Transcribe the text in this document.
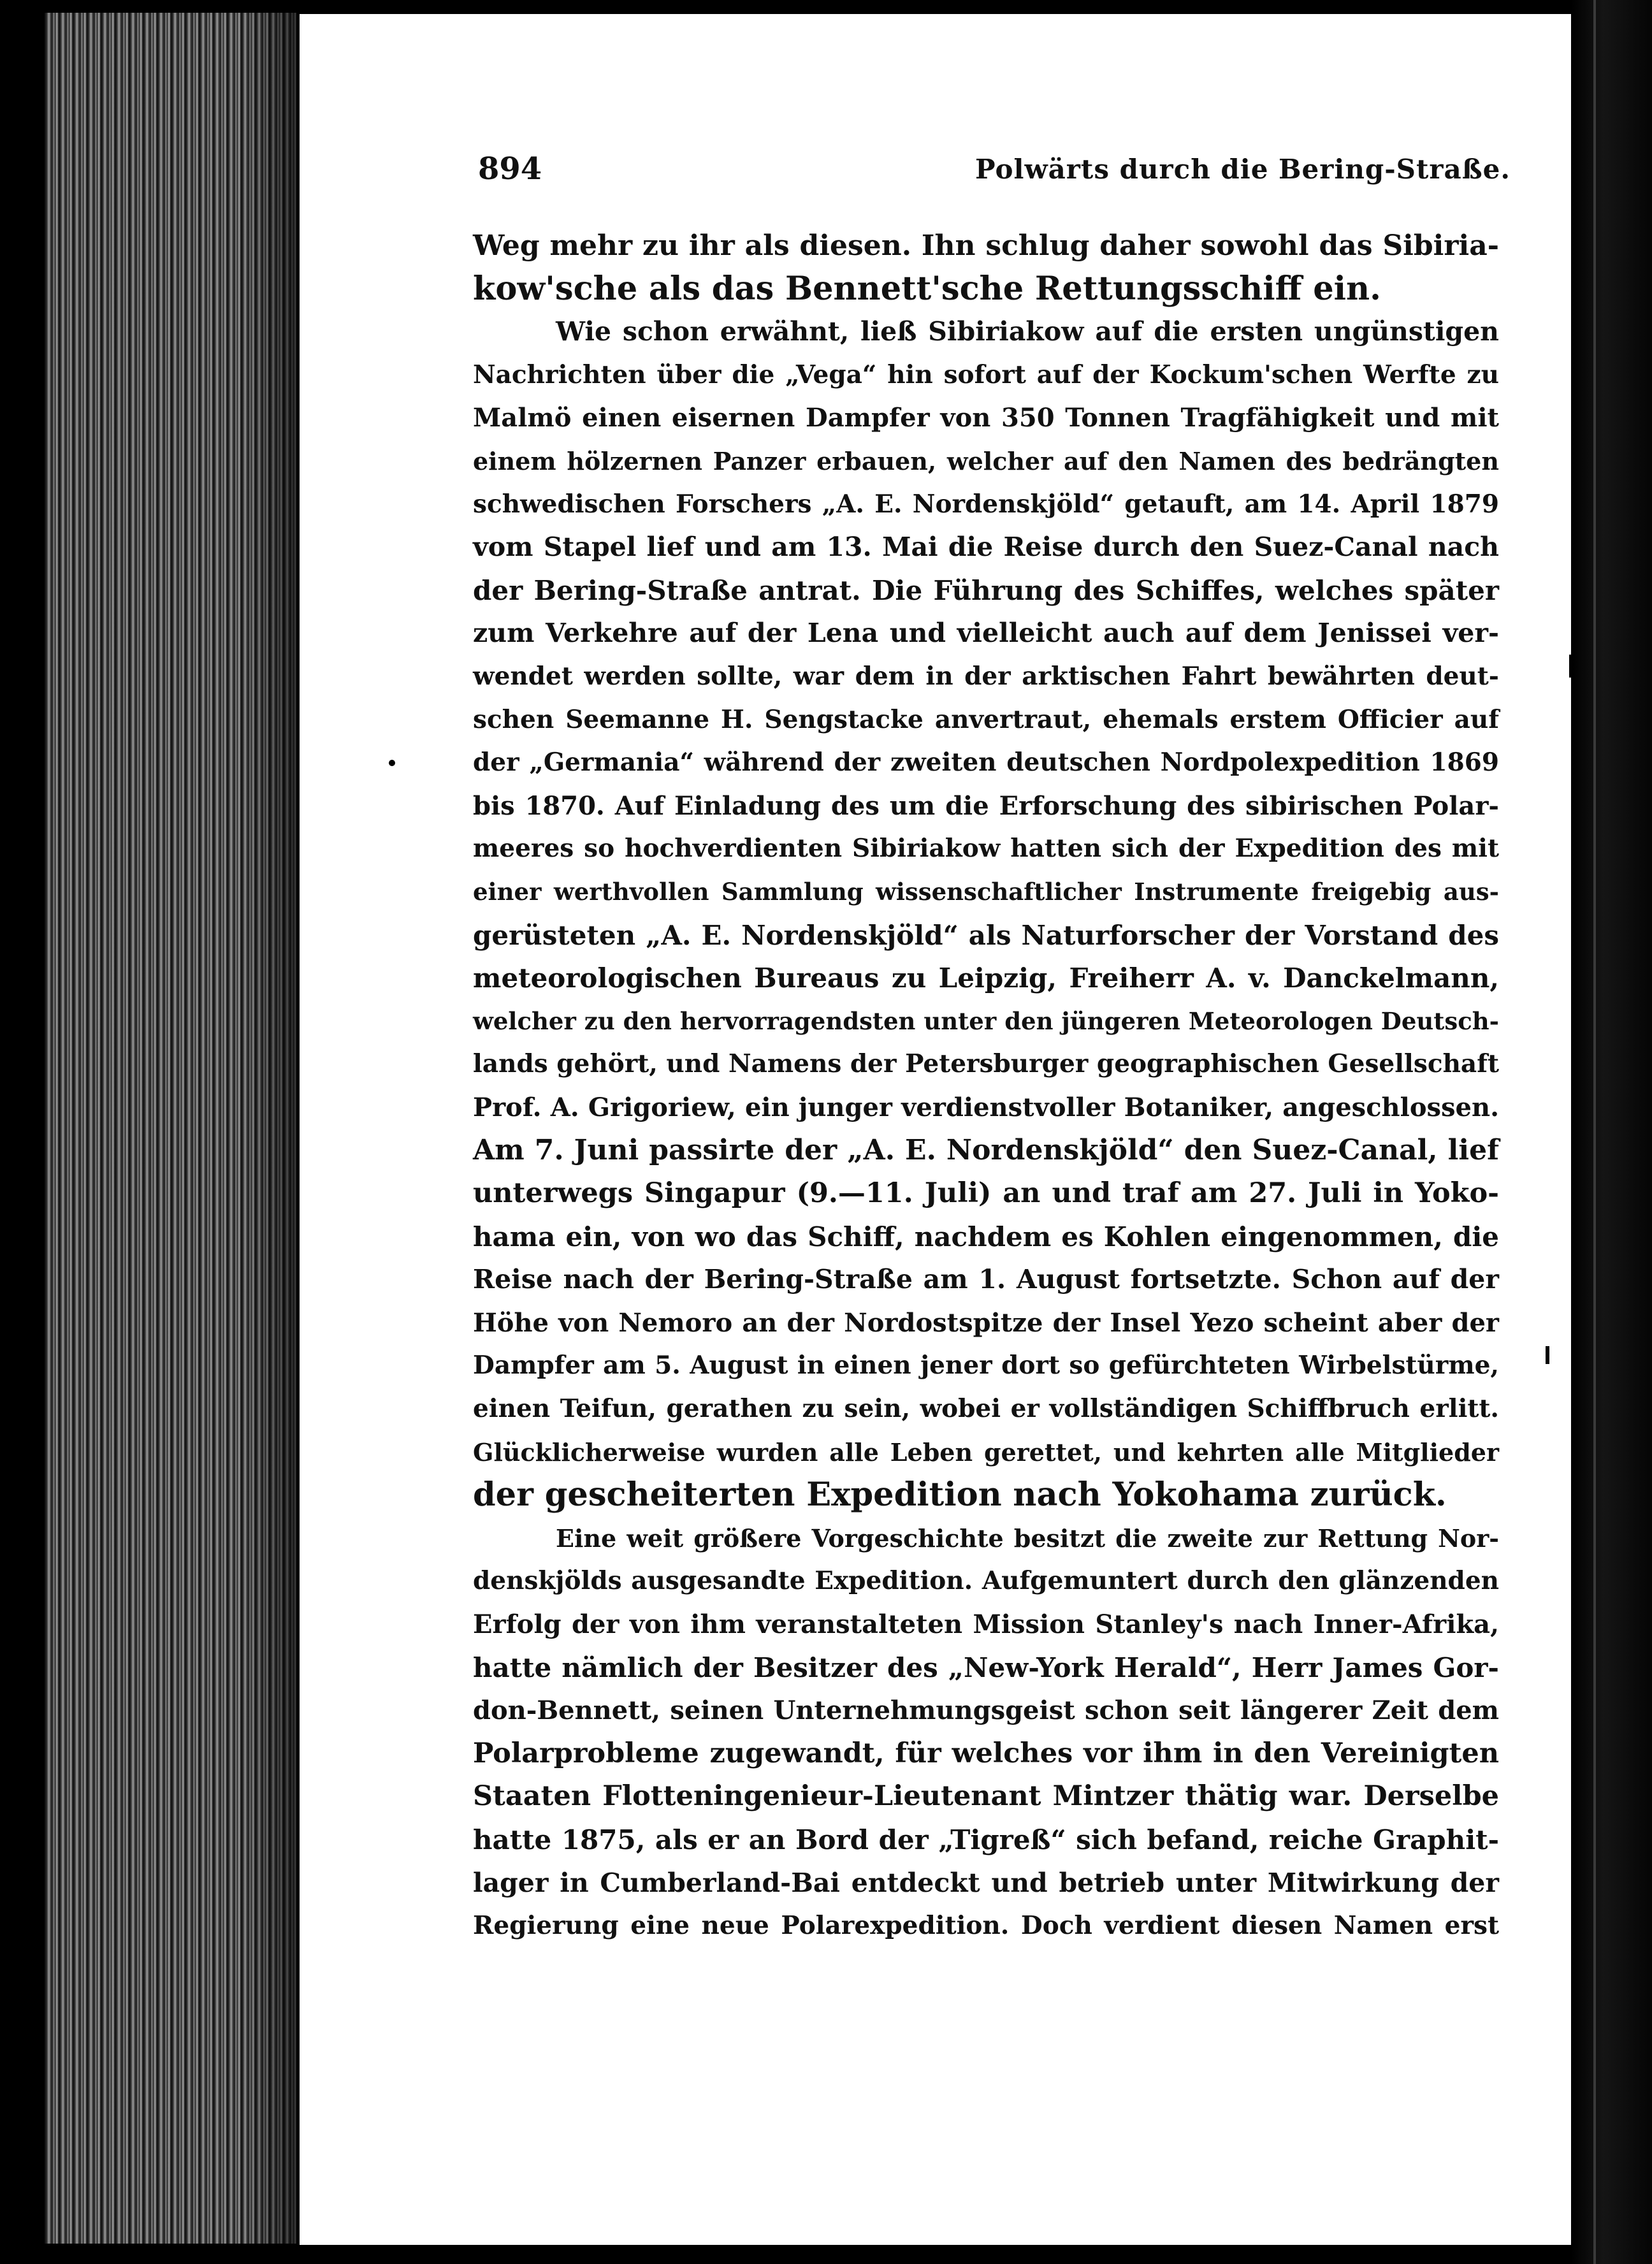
894	Polwärts durch die Bering-Straße.
Weg mehr zu ihr als diesen. Ihn schlug daher sowohl das Sibiria-
kow'sche als das Bennett'sche Rettungsschiff ein.
Wie schon erwähnt, ließ Sibiriakow auf die ersten ungünstigen
Nachrichten über die „Vega“ hin sofort auf der Kockum'schen Werfte zu
Malmö einen eisernen Dampfer von 350 Tonnen Tragfähigkeit und mit
einem hölzernen Panzer erbauen, welcher auf den Namen des bedrängten
schwedischen Forschers „A. E. Nordenskjöld“ getauft, am 14. April 1879
vom Stapel lief und am 13. Mai die Reise durch den Suez-Canal nach
der Bering-Straße antrat. Die Führung des Schiffes, welches später
zum Verkehre auf der Lena und vielleicht auch auf dem Jenissei ver-
wendet werden sollte, war dem in der arktischen Fahrt bewährten deut-
schen Seemanne H. Sengstacke anvertraut, ehemals erstem Officier auf
der „Germania“ während der zweiten deutschen Nordpolexpedition 1869
bis 1870. Auf Einladung des um die Erforschung des sibirischen Polar-
meeres so hochverdienten Sibiriakow hatten sich der Expedition des mit
einer werthvollen Sammlung wissenschaftlicher Instrumente freigebig aus-
gerüsteten „A. E. Nordenskjöld“ als Naturforscher der Vorstand des
meteorologischen Bureaus zu Leipzig, Freiherr A. v. Danckelmann,
welcher zu den hervorragendsten unter den jüngeren Meteorologen Deutsch-
lands gehört, und Namens der Petersburger geographischen Gesellschaft
Prof. A. Grigoriew, ein junger verdienstvoller Botaniker, angeschlossen.
Am 7. Juni passirte der „A. E. Nordenskjöld“ den Suez-Canal, lief
unterwegs Singapur (9.—11. Juli) an und traf am 27. Juli in Yoko-
hama ein, von wo das Schiff, nachdem es Kohlen eingenommen, die
Reise nach der Bering-Straße am 1. August fortsetzte. Schon auf der
Höhe von Nemoro an der Nordostspitze der Insel Yezo scheint aber der
Dampfer am 5. August in einen jener dort so gefürchteten Wirbelstürme,
einen Teifun, gerathen zu sein, wobei er vollständigen Schiffbruch erlitt.
Glücklicherweise wurden alle Leben gerettet, und kehrten alle Mitglieder
der gescheiterten Expedition nach Yokohama zurück.
Eine weit größere Vorgeschichte besitzt die zweite zur Rettung Nor-
denskjölds ausgesandte Expedition. Aufgemuntert durch den glänzenden
Erfolg der von ihm veranstalteten Mission Stanley's nach Inner-Afrika,
hatte nämlich der Besitzer des „New-York Herald“, Herr James Gor-
don-Bennett, seinen Unternehmungsgeist schon seit längerer Zeit dem
Polarprobleme zugewandt, für welches vor ihm in den Vereinigten
Staaten Flotteningenieur-Lieutenant Mintzer thätig war. Derselbe
hatte 1875, als er an Bord der „Tigreß“ sich befand, reiche Graphit-
lager in Cumberland-Bai entdeckt und betrieb unter Mitwirkung der
Regierung eine neue Polarexpedition. Doch verdient diesen Namen erst
